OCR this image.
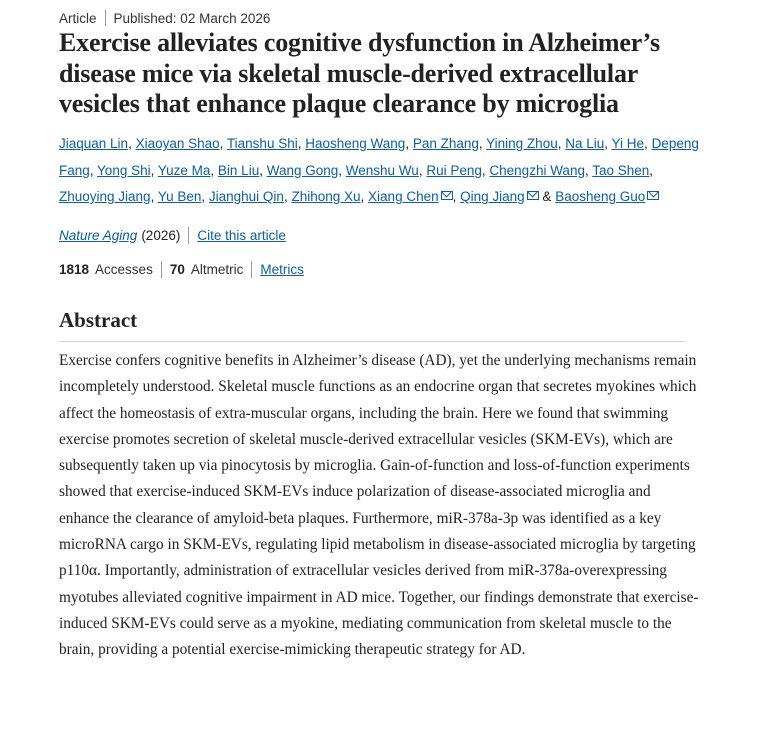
Article Published: 02 March 2026
Exercise alleviates cognitive dysfunction in Alzheimer’s disease mice via skeletal muscle-derived extracellular vesicles that enhance plaque clearance by microglia

Jiaquan Lin, Xiaoyan Shao, Tianshu Shi, Haosheng Wang, Pan Zhang, Yining Zhou, Na Liu, Yi He, Depeng Fang, Yong Shi, Yuze Ma, Bin Liu, Wang Gong, Wenshu Wu, Rui Peng, Chengzhi Wang, Tao Shen, Zhuoying Jiang, Yu Ben, Jianghui Qin, Zhihong Xu, Xiang Chen , Qing Jiang & Baosheng Guo

Nature Aging (2026) Cite this article
1818 Accesses 70 Altmetric Metrics
Abstract

Exercise confers cognitive benefits in Alzheimer’s disease (AD), yet the underlying mechanisms remain incompletely understood. Skeletal muscle functions as an endocrine organ that secretes myokines which affect the homeostasis of extra-muscular organs, including the brain. Here we found that swimming exercise promotes secretion of skeletal muscle-derived extracellular vesicles (SKM-EVs), which are subsequently taken up via pinocytosis by microglia. Gain-of-function and loss-of-function experiments showed that exercise-induced SKM-EVs induce polarization of disease-associated microglia and enhance the clearance of amyloid-beta plaques. Furthermore, miR-378a-3p was identified as a key microRNA cargo in SKM-EVs, regulating lipid metabolism in disease-associated microglia by targeting p110α. Importantly, administration of extracellular vesicles derived from miR-378a-overexpressing myotubes alleviated cognitive impairment in AD mice. Together, our findings demonstrate that exercise-induced SKM-EVs could serve as a myokine, mediating communication from skeletal muscle to the brain, providing a potential exercise-mimicking therapeutic strategy for AD.
